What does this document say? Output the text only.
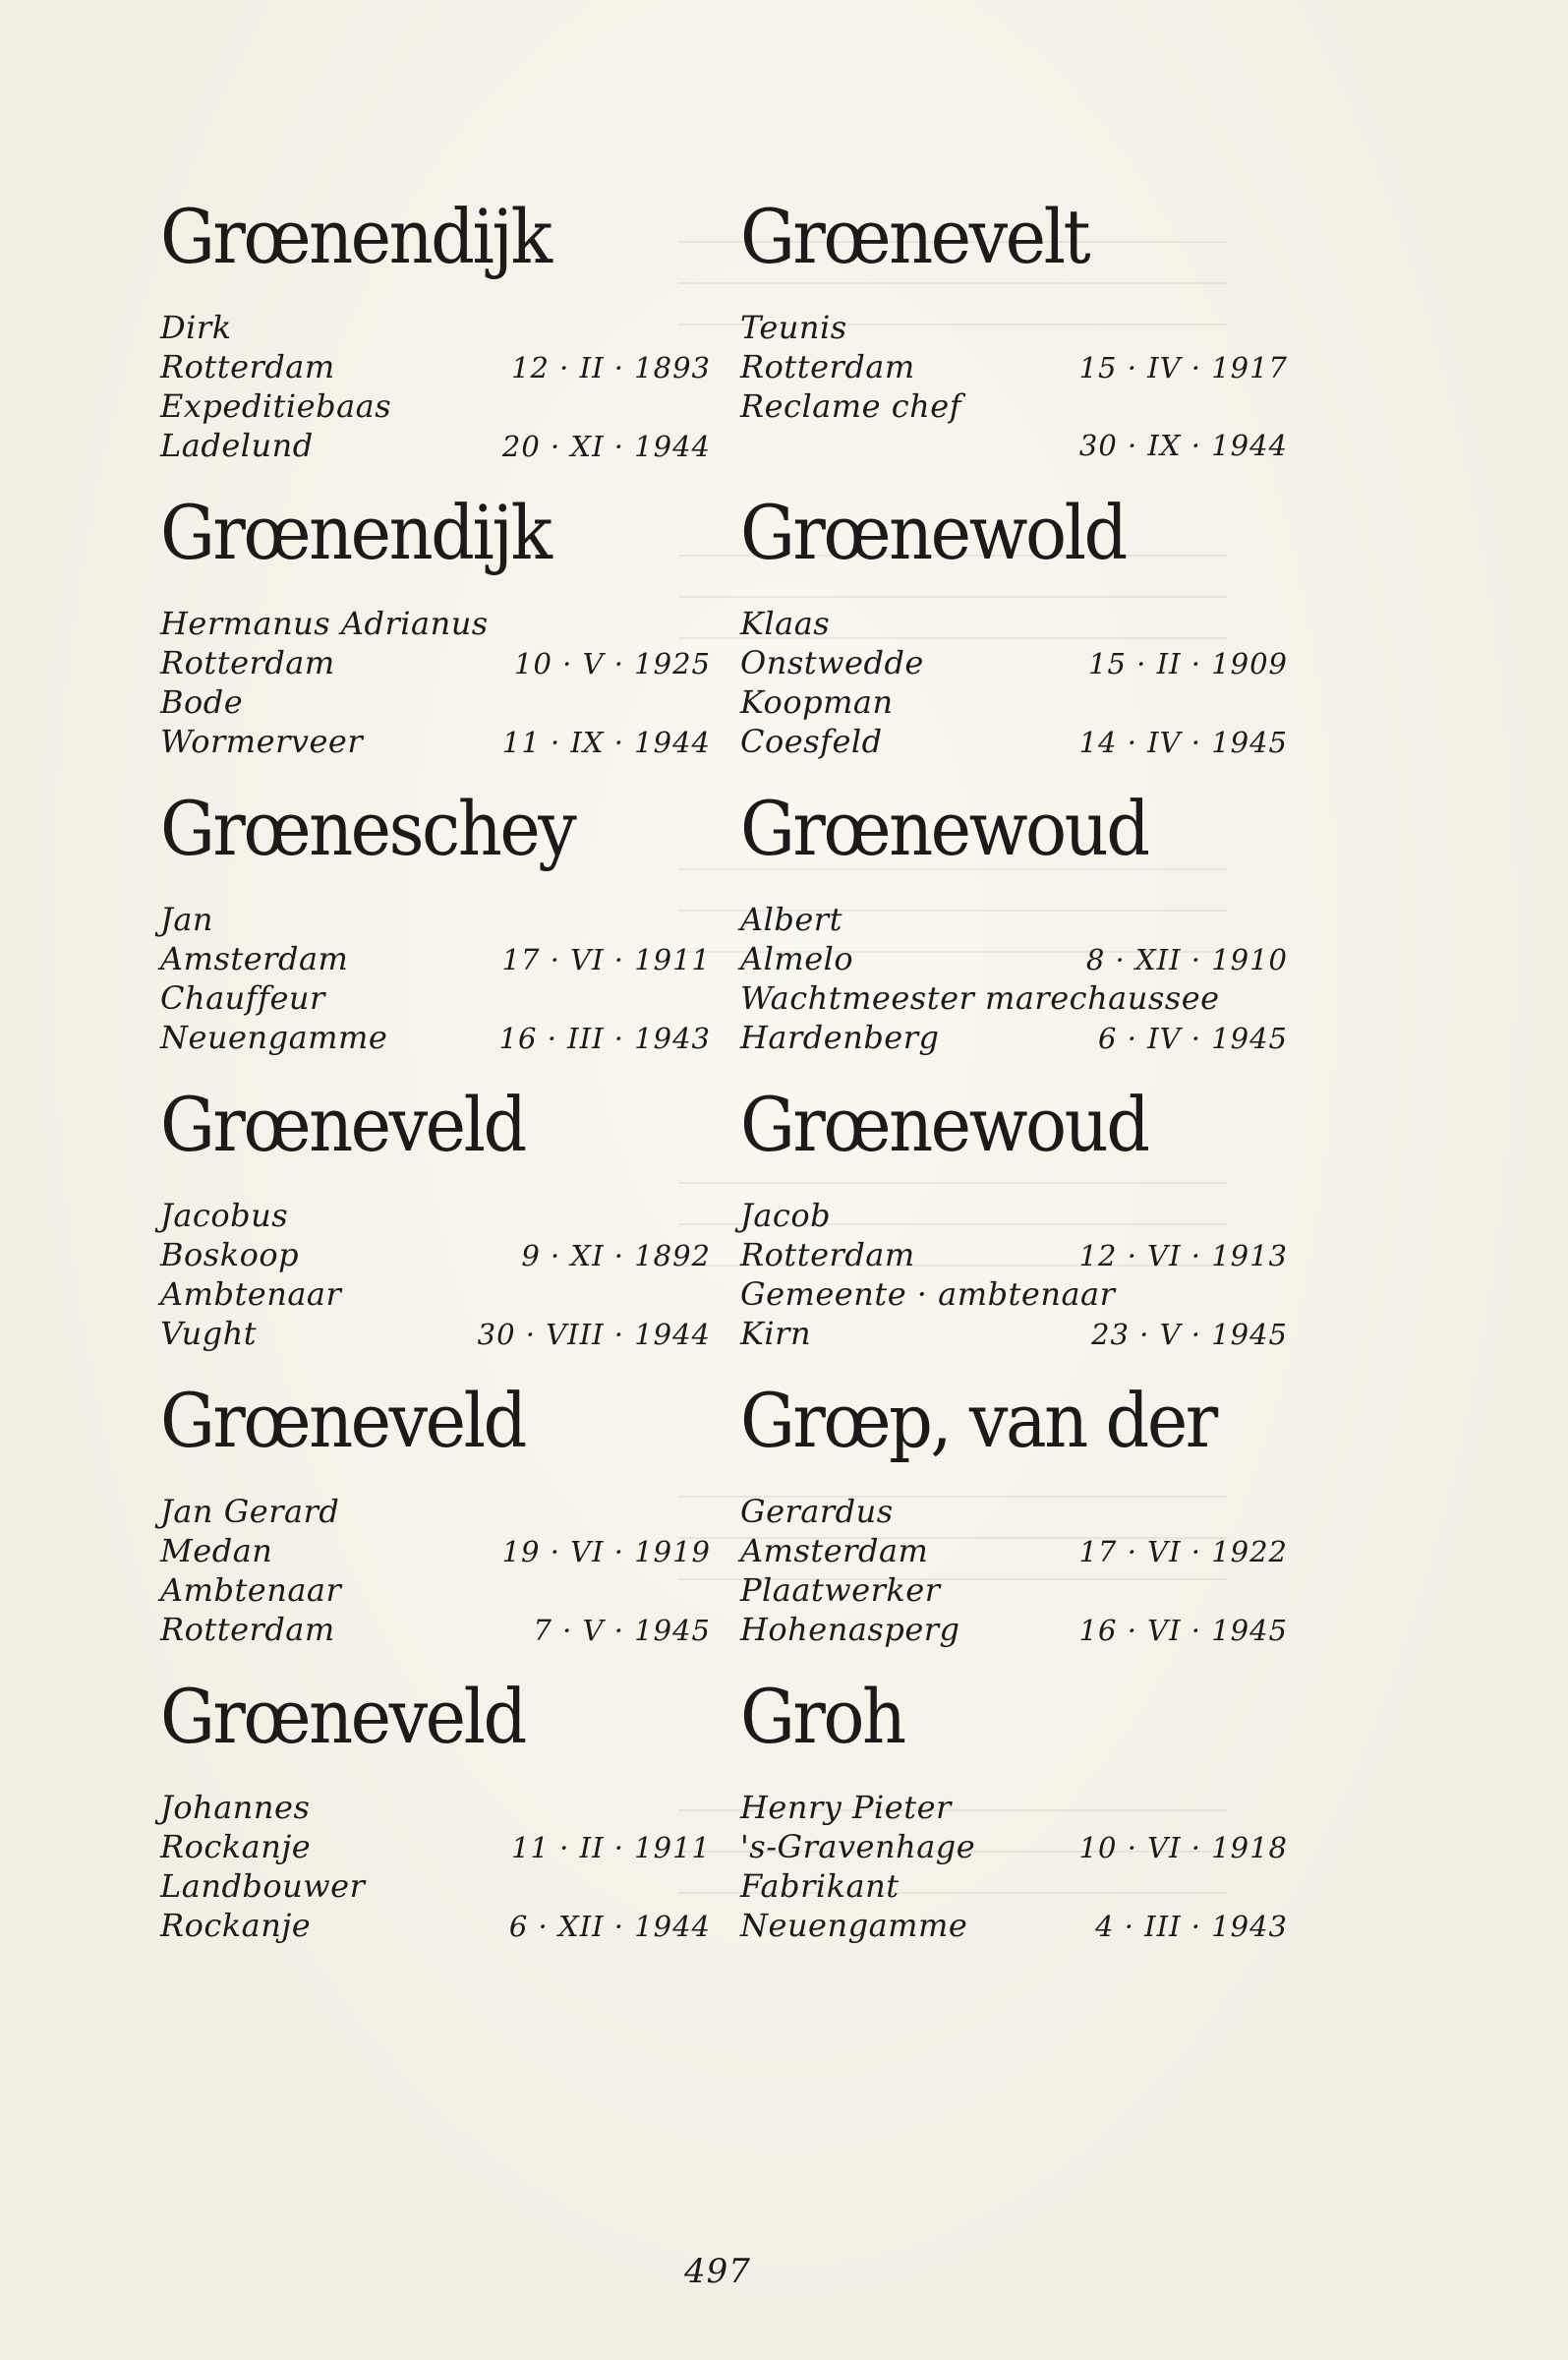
Grœnendijk
Dirk
Rotterdam	12 · II · 1893
Expeditiebaas
Ladelund	20 · XI · 1944
Grœnendijk
Hermanus Adrianus
Rotterdam	10 · V · 1925
Bode
Wormerveer	11 · IX · 1944
Grœneschey
Jan
Amsterdam	17 · VI · 1911
Chauffeur
Neuengamme	16 · III · 1943
Grœneveld
Jacobus
Boskoop	9 · XI · 1892
Ambtenaar
Vught	30 · VIII · 1944
Grœneveld
Jan Gerard
Medan	19 · VI · 1919
Ambtenaar
Rotterdam	7 · V · 1945
Grœneveld
Johannes
Rockanje	11 · II · 1911
Landbouwer
Rockanje	6 · XII · 1944
Grœnevelt
Teunis
Rotterdam	15 · IV · 1917
Reclame chef
30 · IX · 1944
Grœnewold
Klaas
Onstwedde	15 · II · 1909
Koopman
Coesfeld	14 · IV · 1945
Grœnewoud
Albert
Almelo	8 · XII · 1910
Wachtmeester marechaussee
Hardenberg	6 · IV · 1945
Grœnewoud
Jacob
Rotterdam	12 · VI · 1913
Gemeente · ambtenaar
Kirn	23 · V · 1945
Grœp, van der
Gerardus
Amsterdam	17 · VI · 1922
Plaatwerker
Hohenasperg	16 · VI · 1945
Groh
Henry Pieter
's-Gravenhage	10 · VI · 1918
Fabrikant
Neuengamme	4 · III · 1943
497
